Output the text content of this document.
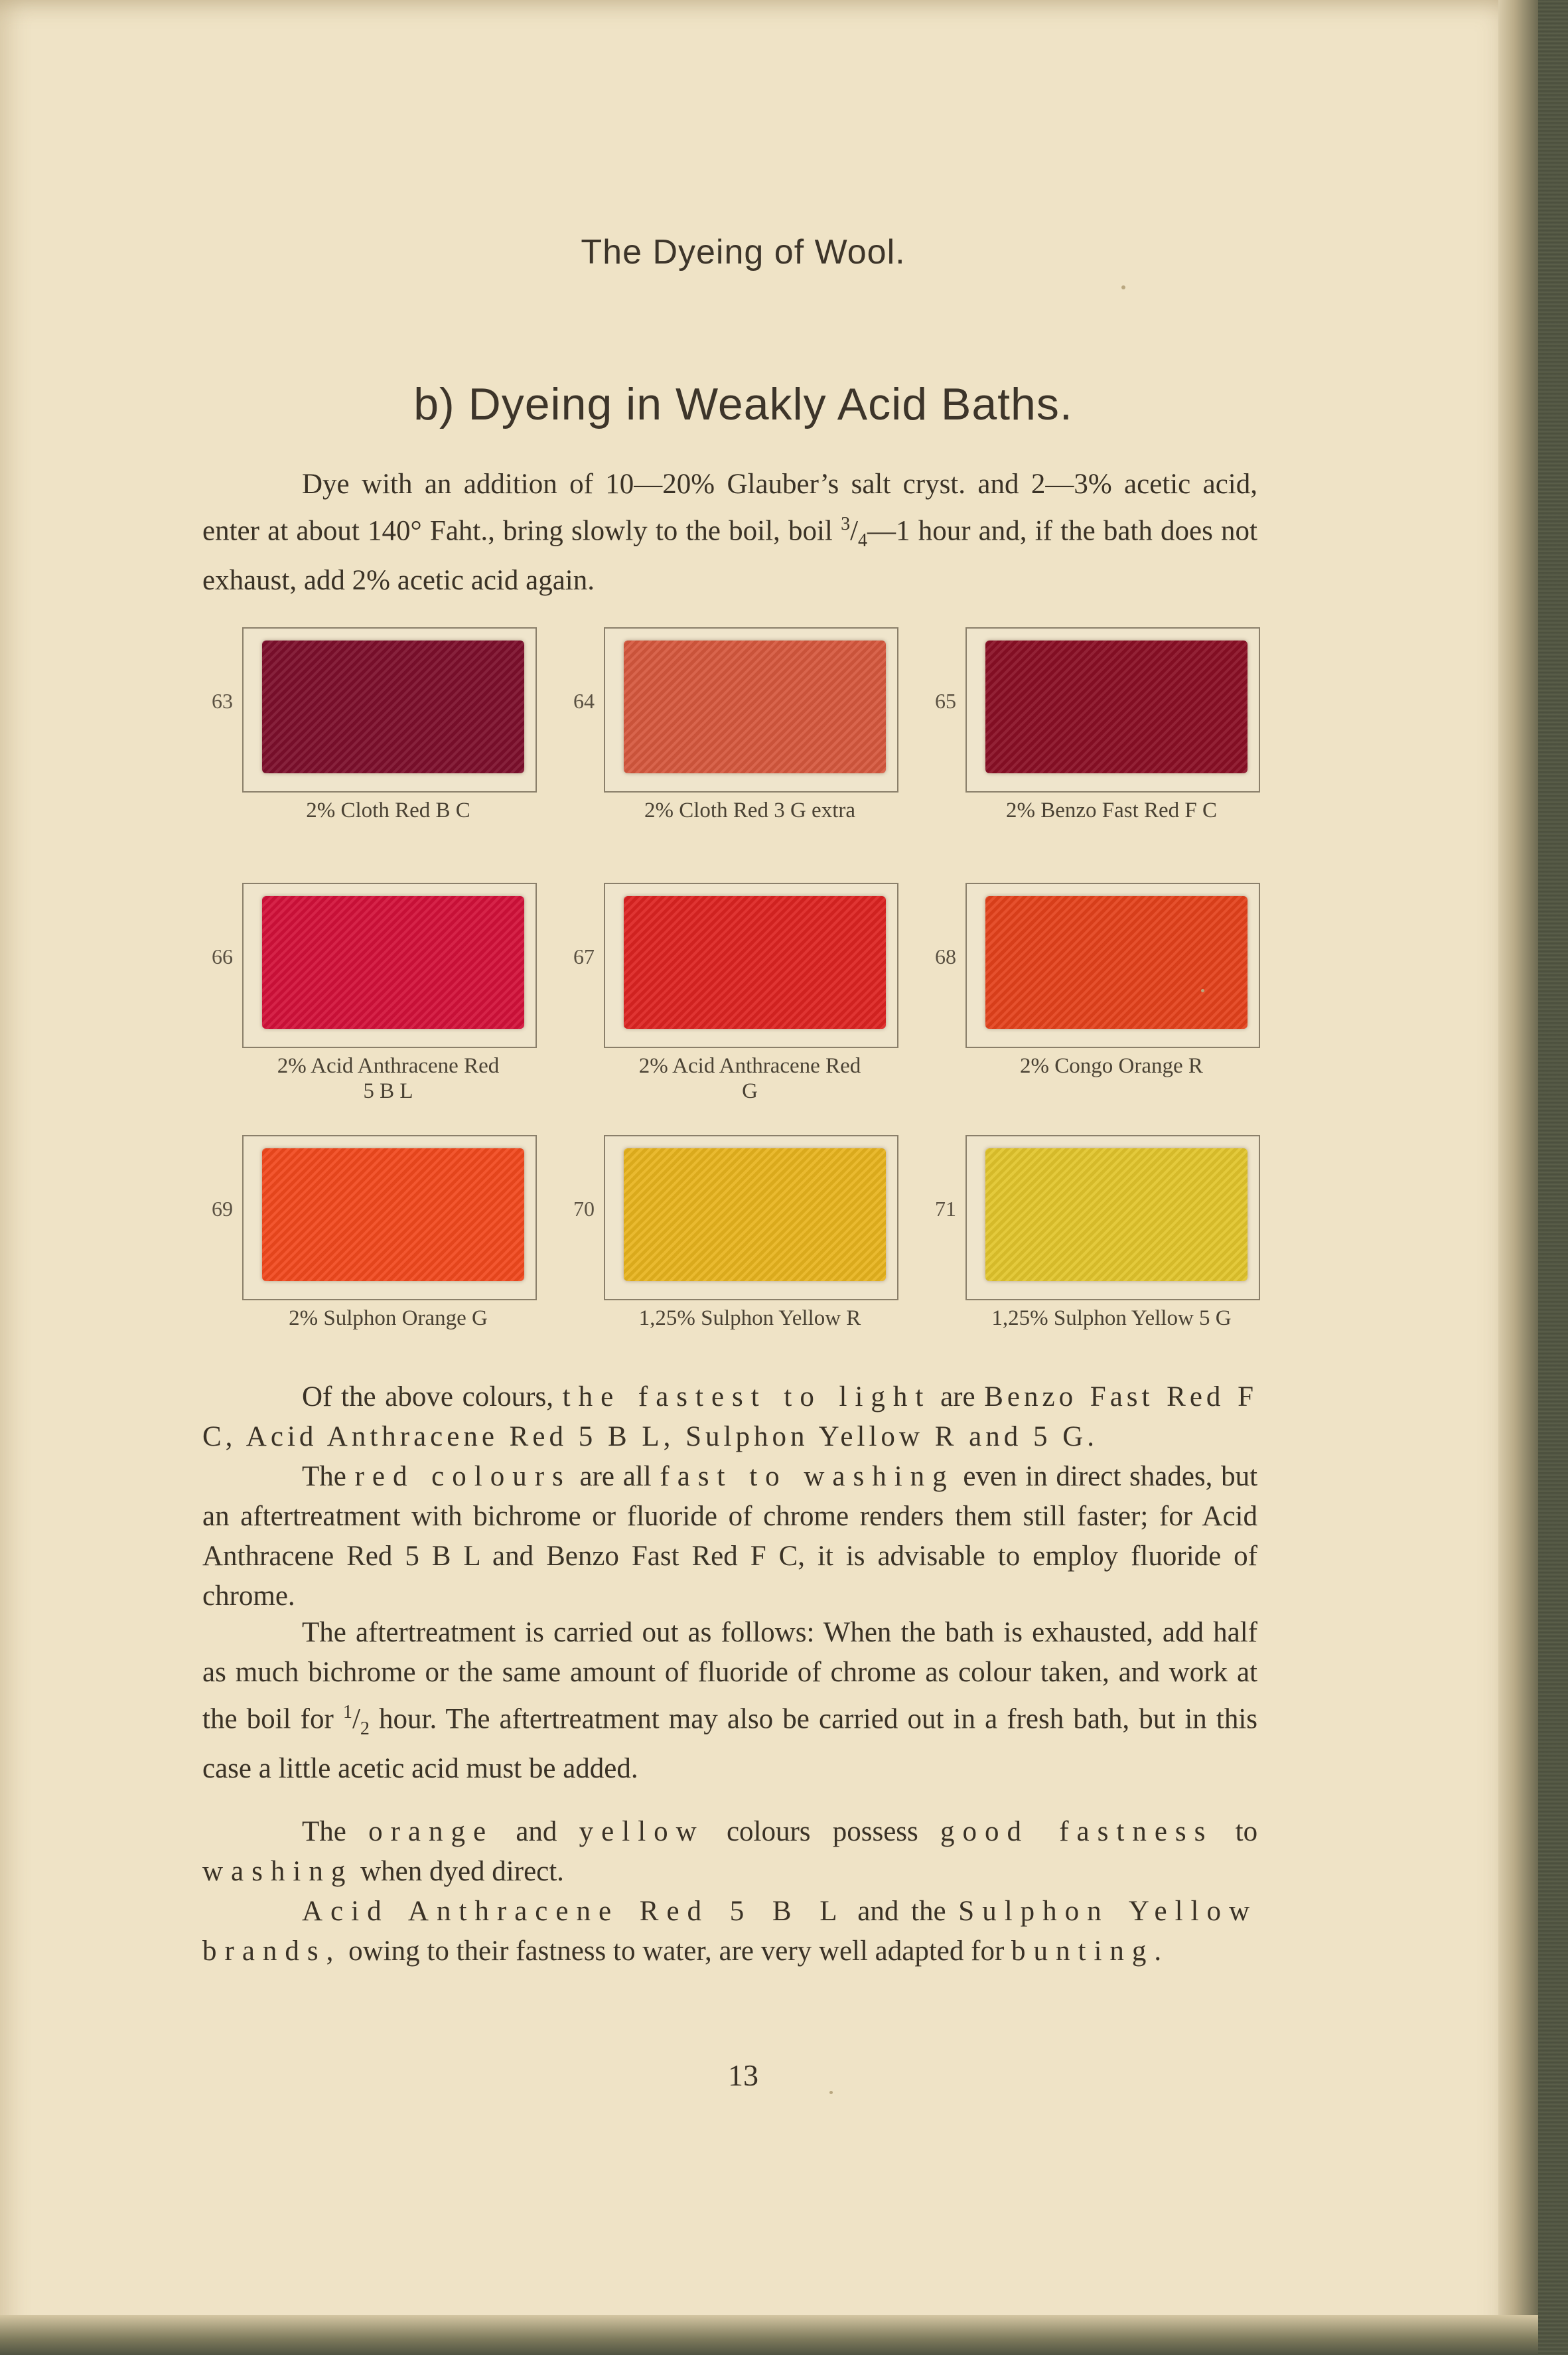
The Dyeing of Wool.
b) Dyeing in Weakly Acid Baths.
Dye with an addition of 10—20% Glauber’s salt cryst. and 2—3% acetic acid, enter at about 140° Faht., bring slowly to the boil, boil $^3/_4—1$ hour and, if the bath does not exhaust, add 2% acetic acid again.
63
2% Cloth Red B C
64
2% Cloth Red 3 G extra
65
2% Benzo Fast Red F C
66
2% Acid Anthracene Red
5 B L
67
2% Acid Anthracene Red
G
68
2% Congo Orange R
69
2% Sulphon Orange G
70
1,25% Sulphon Yellow R
71
1,25% Sulphon Yellow 5 G
Of the above colours, the fastest to light are Benzo Fast Red F C, Acid Anthracene Red 5 B L, Sulphon Yellow R and 5 G.
The red colours are all fast to washing even in direct shades, but an aftertreatment with bichrome or fluoride of chrome renders them still faster; for Acid Anthracene Red 5 B L and Benzo Fast Red F C, it is advisable to employ fluoride of chrome.
The aftertreatment is carried out as follows: When the bath is exhausted, add half as much bichrome or the same amount of fluoride of chrome as colour taken, and work at the boil for $^1/_2$ hour. The aftertreatment may also be carried out in a fresh bath, but in this case a little acetic acid must be added.
The orange and yellow colours possess good fastness to washing when dyed direct.
Acid Anthracene Red 5 B L and the Sulphon Yellow brands, owing to their fastness to water, are very well adapted for bunting.
13
